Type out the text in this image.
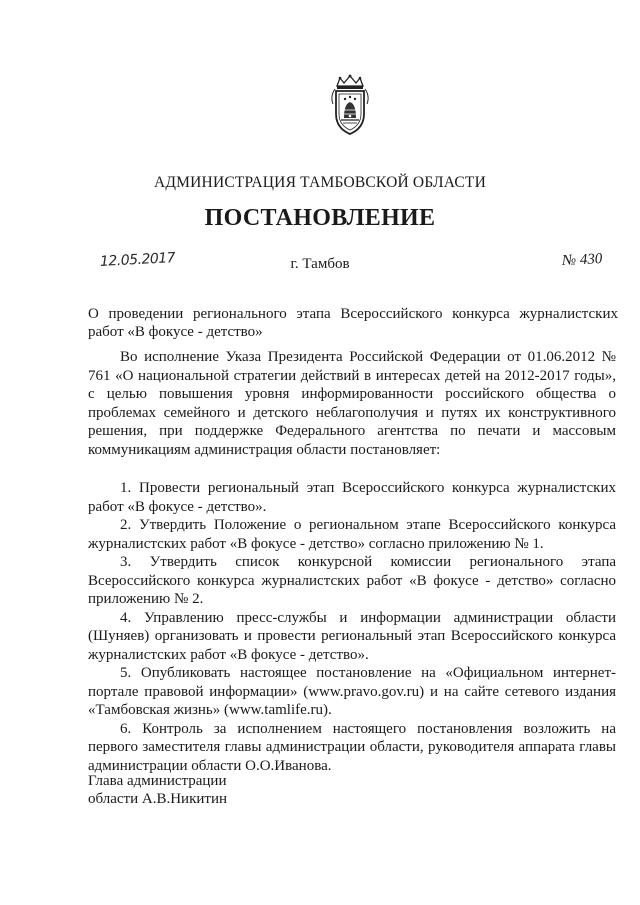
АДМИНИСТРАЦИЯ ТАМБОВСКОЙ ОБЛАСТИ
ПОСТАНОВЛЕНИЕ
12.05.2017	г. Тамбов	№ 430
О проведении регионального этапа Всероссийского конкурса журналистских работ «В фокусе - детство»

Во исполнение Указа Президента Российской Федерации от 01.06.2012 № 761 «О национальной стратегии действий в интересах детей на 2012-2017 годы», с целью повышения уровня информированности российского общества о проблемах семейного и детского неблагополучия и путях их конструктивного решения, при поддержке Федерального агентства по печати и массовым коммуникациям администрация области постановляет:

1. Провести региональный этап Всероссийского конкурса журналистских работ «В фокусе - детство».

2. Утвердить Положение о региональном этапе Всероссийского конкурса журналистских работ «В фокусе - детство» согласно приложению № 1.

3. Утвердить список конкурсной комиссии регионального этапа Всероссийского конкурса журналистских работ «В фокусе - детство» согласно приложению № 2.

4. Управлению пресс-службы и информации администрации области (Шуняев) организовать и провести региональный этап Всероссийского конкурса журналистских работ «В фокусе - детство».

5. Опубликовать настоящее постановление на «Официальном интернет-портале правовой информации» (www.pravo.gov.ru) и на сайте сетевого издания «Тамбовская жизнь» (www.tamlife.ru).

6. Контроль за исполнением настоящего постановления возложить на первого заместителя главы администрации области, руководителя аппарата главы администрации области О.О.Иванова.

Глава администрации
области А.В.Никитин
